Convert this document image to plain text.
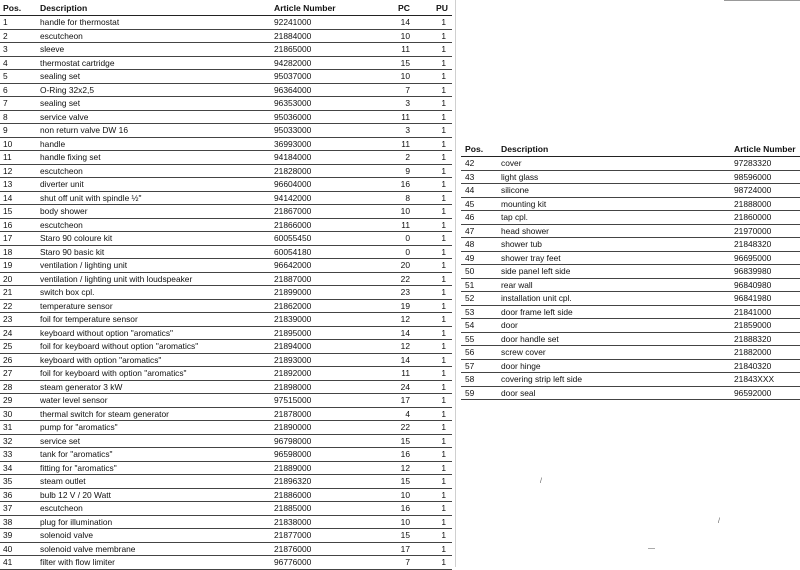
Pos. Description	Article Number	PC	PU
1	handle for thermostat	92241000	14	1
2	escutcheon	21884000	10	1
3	sleeve	21865000	11	1
4	thermostat cartridge	94282000	15	1
5	sealing set	95037000	10	1
6	O-Ring 32x2,5	96364000	7	1
7	sealing set	96353000	3	1
8	service valve	95036000	11	1
9	non return valve DW 16	95033000	3	1
10	handle	36993000	11	1
11	handle fixing set	94184000	2	1
12	escutcheon	21828000	9	1
13	diverter unit	96604000	16	1
14	shut off unit with spindle ½"	94142000	8	1
15	body shower	21867000	10	1
16	escutcheon	21866000	11	1
17	Staro 90 coloure kit	60055450	0	1
18	Staro 90 basic kit	60054180	0	1
19	ventilation / lighting unit	96642000	20	1
20	ventilation / lighting unit with loudspeaker	21887000	22	1
21	switch box cpl.	21899000	23	1
22	temperature sensor	21862000	19	1
23	foil for temperature sensor	21839000	12	1
24	keyboard without option "aromatics"	21895000	14	1
25	foil for keyboard without option "aromatics"	21894000	12	1
26	keyboard with option "aromatics"	21893000	14	1
27	foil for keyboard with option "aromatics"	21892000	11	1
28	steam generator 3 kW	21898000	24	1
29	water level sensor	97515000	17	1
30	thermal switch for steam generator	21878000	4	1
31	pump for "aromatics"	21890000	22	1
32	service set	96798000	15	1
33	tank for "aromatics"	96598000	16	1
34	fitting for "aromatics"	21889000	12	1
35	steam outlet	21896320	15	1
36	bulb 12 V / 20 Watt	21886000	10	1
37	escutcheon	21885000	16	1
38	plug for illumination	21838000	10	1
39	solenoid valve	21877000	15	1
40	solenoid valve membrane	21876000	17	1
41	filter with flow limiter	96776000	7	1
Pos. Description	Article Number
42	cover	97283320
43	light glass	98596000
44	silicone	98724000
45	mounting kit	21888000
46	tap cpl.	21860000
47	head shower	21970000
48	shower tub	21848320
49	shower tray feet	96695000
50	side panel left side	96839980
51	rear wall	96840980
52	installation unit cpl.	96841980
53	door frame left side	21841000
54	door	21859000
55	door handle set	21888320
56	screw cover	21882000
57	door hinge	21840320
58	covering strip left side	21843XXX
59	door seal	96592000
/
—
/
